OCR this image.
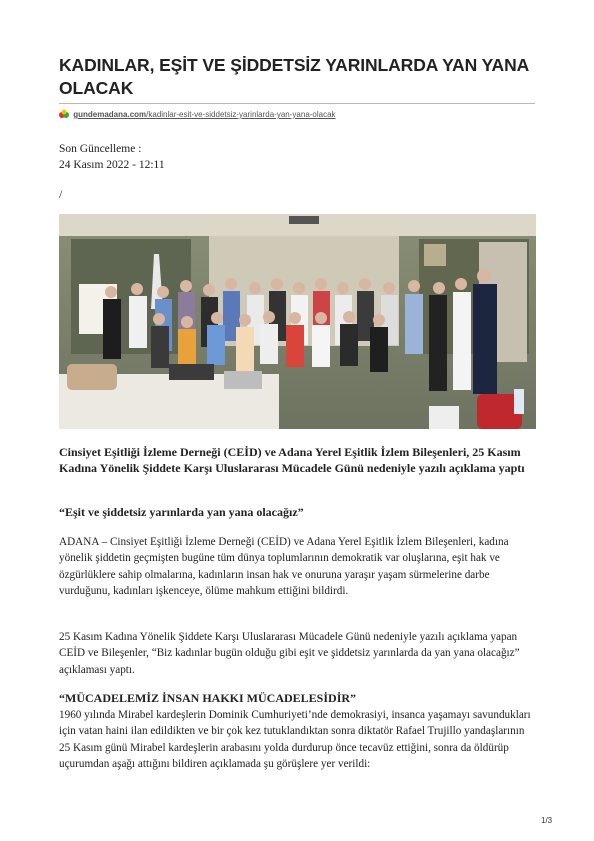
KADINLAR, EŞİT VE ŞİDDETSİZ YARINLARDA YAN YANA OLACAK
gundemadana.com/kadinlar-esit-ve-siddetsiz-yarinlarda-yan-yana-olacak
Son Güncelleme :
24 Kasım 2022 - 12:11
/

Cinsiyet Eşitliği İzleme Derneği (CEİD) ve Adana Yerel Eşitlik İzlem Bileşenleri, 25 Kasım Kadına Yönelik Şiddete Karşı Uluslararası Mücadele Günü nedeniyle yazılı açıklama yaptı

“Eşit ve şiddetsiz yarınlarda yan yana olacağız”

ADANA – Cinsiyet Eşitliği İzleme Derneği (CEİD) ve Adana Yerel Eşitlik İzlem Bileşenleri, kadına yönelik şiddetin geçmişten bugüne tüm dünya toplumlarının demokratik var oluşlarına, eşit hak ve özgürlüklere sahip olmalarına, kadınların insan hak ve onuruna yaraşır yaşam sürmelerine darbe vurduğunu, kadınları işkenceye, ölüme mahkum ettiğini bildirdi.

25 Kasım Kadına Yönelik Şiddete Karşı Uluslararası Mücadele Günü nedeniyle yazılı açıklama yapan CEİD ve Bileşenler, “Biz kadınlar bugün olduğu gibi eşit ve şiddetsiz yarınlarda da yan yana olacağız” açıklaması yaptı.

“MÜCADELEMİZ İNSAN HAKKI MÜCADELESİDİR”

1960 yılında Mirabel kardeşlerin Dominik Cumhuriyeti’nde demokrasiyi, insanca yaşamayı savundukları için vatan haini ilan edildikten ve bir çok kez tutuklandıktan sonra diktatör Rafael Trujillo yandaşlarının 25 Kasım günü Mirabel kardeşlerin arabasını yolda durdurup önce tecavüz ettiğini, sonra da öldürüp uçurumdan aşağı attığını bildiren açıklamada şu görüşlere yer verildi:

1/3
